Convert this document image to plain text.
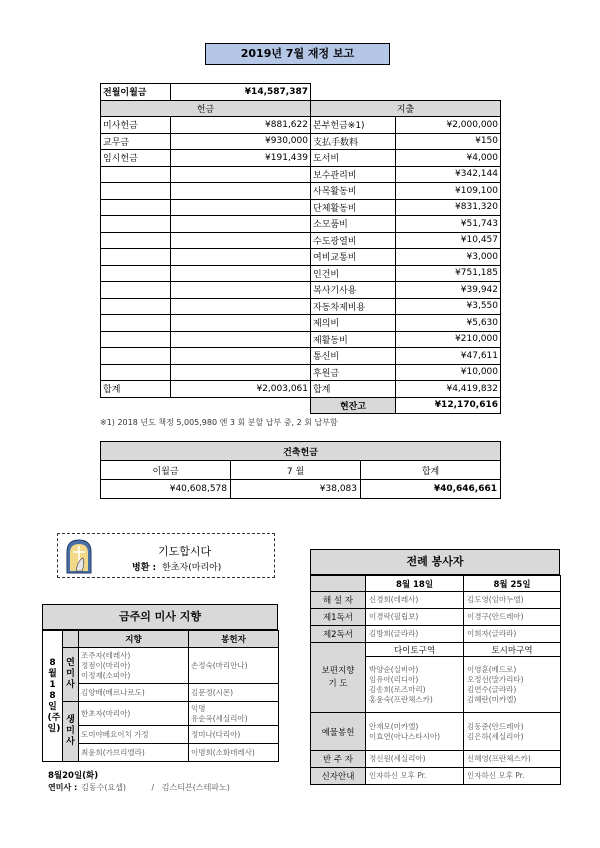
2019년 7월 재정 보고
전월이월금	¥14,587,387		
헌금		지출	
미사헌금	¥881,622	본부헌금※1)	¥2,000,000
교무금	¥930,000	支払手数料	¥150
임시헌금	¥191,439	도서비	¥4,000
		보수관리비	¥342,144
		사목활동비	¥109,100
		단체활동비	¥831,320
		소모품비	¥51,743
		수도광열비	¥10,457
		여비교통비	¥3,000
		인건비	¥751,185
		복사기사용	¥39,942
		자동차제비용	¥3,550
		제의비	¥5,630
		제활동비	¥210,000
		통신비	¥47,611
		후원금	¥10,000
합계	¥2,003,061	합계	¥4,419,832
		현잔고	¥12,170,616
※1) 2018 년도 책정 5,005,980 엔 3 회 분할 납부 중, 2 회 납부함
건축헌금		
이월금	7 월	합계
¥40,608,578	¥38,083	¥40,646,661
기도합시다
병환 : 한초자(마리아)
금주의 미사 지향
8월 18일 (주일)		지향	봉헌자
	연미사	조주자(테레사)
정점이(마리아)
이정재(소피아)	손정숙(마리안나)
		김양배(베르나르도)	김문정(시몬)
	생미사	한초자(마리아)	익명
유순옥(세실리아)
		도미야베요이치 가정	정미나(다리아)
		최윤희(가브리엘라)	이명희(소화데레사)
8월20일(화)
연미사 : 김동수(요셉)          /   김스티븐(스테파노)
전례 봉사자
	8월 18일	8월 25일
해 설 자	신경희(데레사)	김도영(임마누엘)
제1독서	이경락(필립보)	이경구(안드레아)
제2독서	김방희(글라라)	이희자(글라라)
보편지향
기 도	다이토구역	토시마구역
	박양순(실비아)
임유아(리디아)
김송희(로즈마리)
홍윤숙(프란체스카)	이영훈(베드로)
오정선(말가리타)
김연수(글라라)
김혜란(미카엘)
예물봉헌	안재모(미카엘)
이효연(아나스타시아)	김동준(안드레아)
김은하(세실리아)
반 주 자	정신원(세실리아)	신혜영(프란체스카)
신자안내	인자하신 모후 Pr.	인자하신 모후 Pr.
